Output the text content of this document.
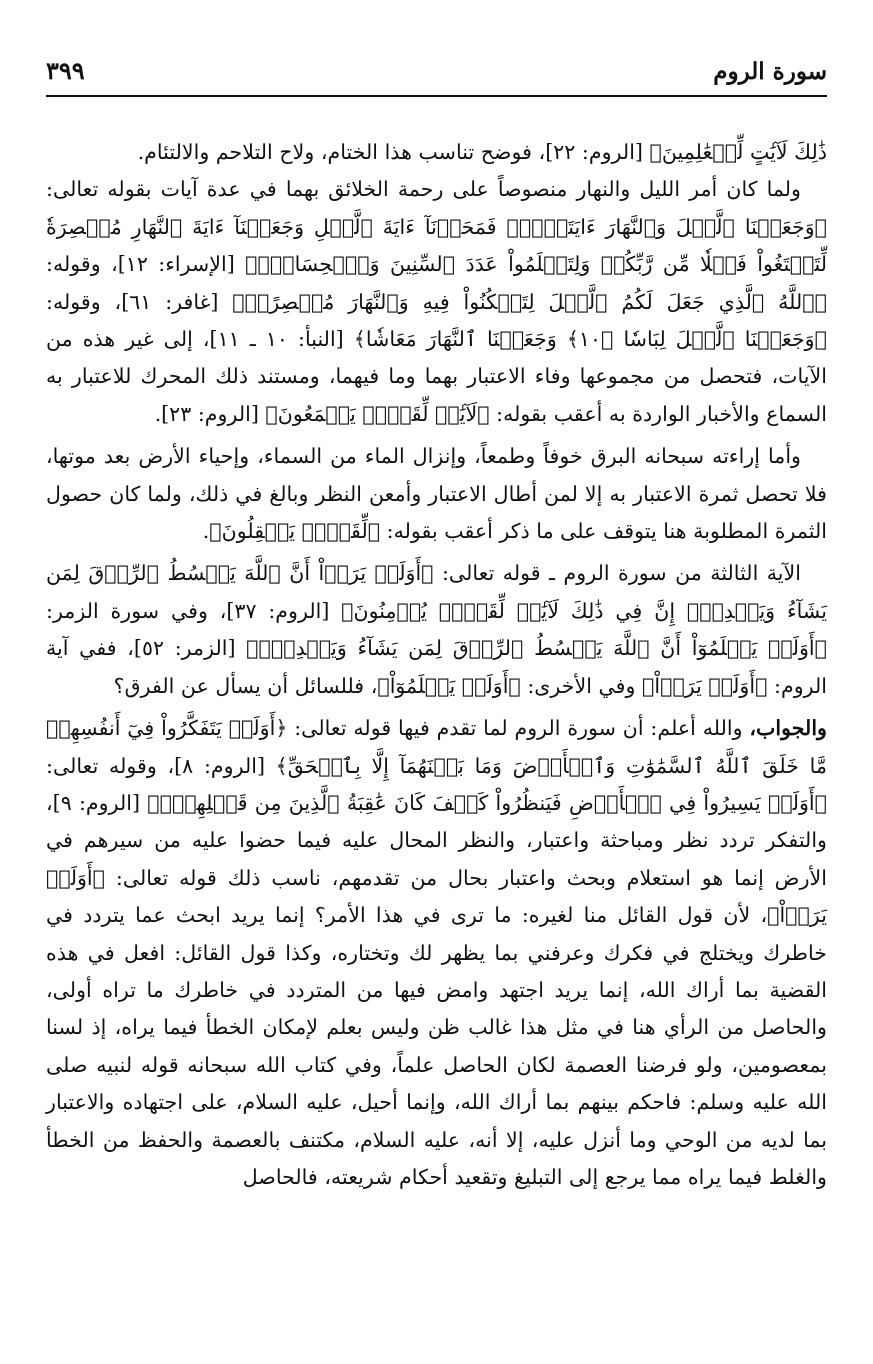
سورة الروم
٣٩٩

ذَٰلِكَ لَآيَٰتٍ لِّلۡعَٰلِمِينَ﴾ [الروم: ٢٢]، فوضح تناسب هذا الختام، ولاح التلاحم والالتئام.

ولما كان أمر الليل والنهار منصوصاً على رحمة الخلائق بهما في عدة آيات بقوله تعالى: ﴿وَجَعَلۡنَا ٱلَّيۡلَ وَٱلنَّهَارَ ءَايَتَيۡنِۖ فَمَحَوۡنَآ ءَايَةَ ٱلَّيۡلِ وَجَعَلۡنَآ ءَايَةَ ٱلنَّهَارِ مُبۡصِرَةٗ لِّتَبۡتَغُواْ فَضۡلٗا مِّن رَّبِّكُمۡ وَلِتَعۡلَمُواْ عَدَدَ ٱلسِّنِينَ وَٱلۡحِسَابَۚ﴾ [الإسراء: ١٢]، وقوله: ﴿ٱللَّهُ ٱلَّذِي جَعَلَ لَكُمُ ٱلَّيۡلَ لِتَسۡكُنُواْ فِيهِ وَٱلنَّهَارَ مُبۡصِرًاۚ﴾ [غافر: ٦١]، وقوله: ﴿وَجَعَلۡنَا ٱلَّيۡلَ لِبَاسٗا ﴿١٠﴾ وَجَعَلۡنَا ٱلنَّهَارَ مَعَاشٗا﴾ [النبأ: ١٠ ـ ١١]، إلى غير هذه من الآيات، فتحصل من مجموعها وفاء الاعتبار بهما وما فيهما، ومستند ذلك المحرك للاعتبار به السماع والأخبار الواردة به أعقب بقوله: ﴿لَآيَٰتٖ لِّقَوۡمٖ يَسۡمَعُونَ﴾ [الروم: ٢٣].

وأما إراءته سبحانه البرق خوفاً وطمعاً، وإنزال الماء من السماء، وإحياء الأرض بعد موتها، فلا تحصل ثمرة الاعتبار به إلا لمن أطال الاعتبار وأمعن النظر وبالغ في ذلك، ولما كان حصول الثمرة المطلوبة هنا يتوقف على ما ذكر أعقب بقوله: ﴿لِّقَوۡمٖ يَعۡقِلُونَ﴾.

الآية الثالثة من سورة الروم ـ قوله تعالى: ﴿أَوَلَمۡ يَرَوۡاْ أَنَّ ٱللَّهَ يَبۡسُطُ ٱلرِّزۡقَ لِمَن يَشَآءُ وَيَقۡدِرُۚ إِنَّ فِي ذَٰلِكَ لَآيَٰتٖ لِّقَوۡمٖ يُؤۡمِنُونَ﴾ [الروم: ٣٧]، وفي سورة الزمر: ﴿أَوَلَمۡ يَعۡلَمُوٓاْ أَنَّ ٱللَّهَ يَبۡسُطُ ٱلرِّزۡقَ لِمَن يَشَآءُ وَيَقۡدِرُۚ﴾ [الزمر: ٥٢]، ففي آية الروم: ﴿أَوَلَمۡ يَرَوۡاْ﴾ وفي الأخرى: ﴿أَوَلَمۡ يَعۡلَمُوٓاْ﴾، فللسائل أن يسأل عن الفرق؟

والجواب، والله أعلم: أن سورة الروم لما تقدم فيها قوله تعالى: ﴿أَوَلَمۡ يَتَفَكَّرُواْ فِيٓ أَنفُسِهِمۗ مَّا خَلَقَ ٱللَّهُ ٱلسَّمَٰوَٰتِ وَٱلۡأَرۡضَ وَمَا بَيۡنَهُمَآ إِلَّا بِٱلۡحَقِّ﴾ [الروم: ٨]، وقوله تعالى: ﴿أَوَلَمۡ يَسِيرُواْ فِي ٱلۡأَرۡضِ فَيَنظُرُواْ كَيۡفَ كَانَ عَٰقِبَةُ ٱلَّذِينَ مِن قَبۡلِهِمۡۚ﴾ [الروم: ٩]، والتفكر تردد نظر ومباحثة واعتبار، والنظر المحال عليه فيما حضوا عليه من سيرهم في الأرض إنما هو استعلام وبحث واعتبار بحال من تقدمهم، ناسب ذلك قوله تعالى: ﴿أَوَلَمۡ يَرَوۡاْ﴾، لأن قول القائل منا لغيره: ما ترى في هذا الأمر؟ إنما يريد ابحث عما يتردد في خاطرك ويختلج في فكرك وعرفني بما يظهر لك وتختاره، وكذا قول القائل: افعل في هذه القضية بما أراك الله، إنما يريد اجتهد وامض فيها من المتردد في خاطرك ما تراه أولى، والحاصل من الرأي هنا في مثل هذا غالب ظن وليس بعلم لإمكان الخطأ فيما يراه، إذ لسنا بمعصومين، ولو فرضنا العصمة لكان الحاصل علماً، وفي كتاب الله سبحانه قوله لنبيه صلى الله عليه وسلم: فاحكم بينهم بما أراك الله، وإنما أحيل، عليه السلام، على اجتهاده والاعتبار بما لديه من الوحي وما أنزل عليه، إلا أنه، عليه السلام، مكتنف بالعصمة والحفظ من الخطأ والغلط فيما يراه مما يرجع إلى التبليغ وتقعيد أحكام شريعته، فالحاصل
